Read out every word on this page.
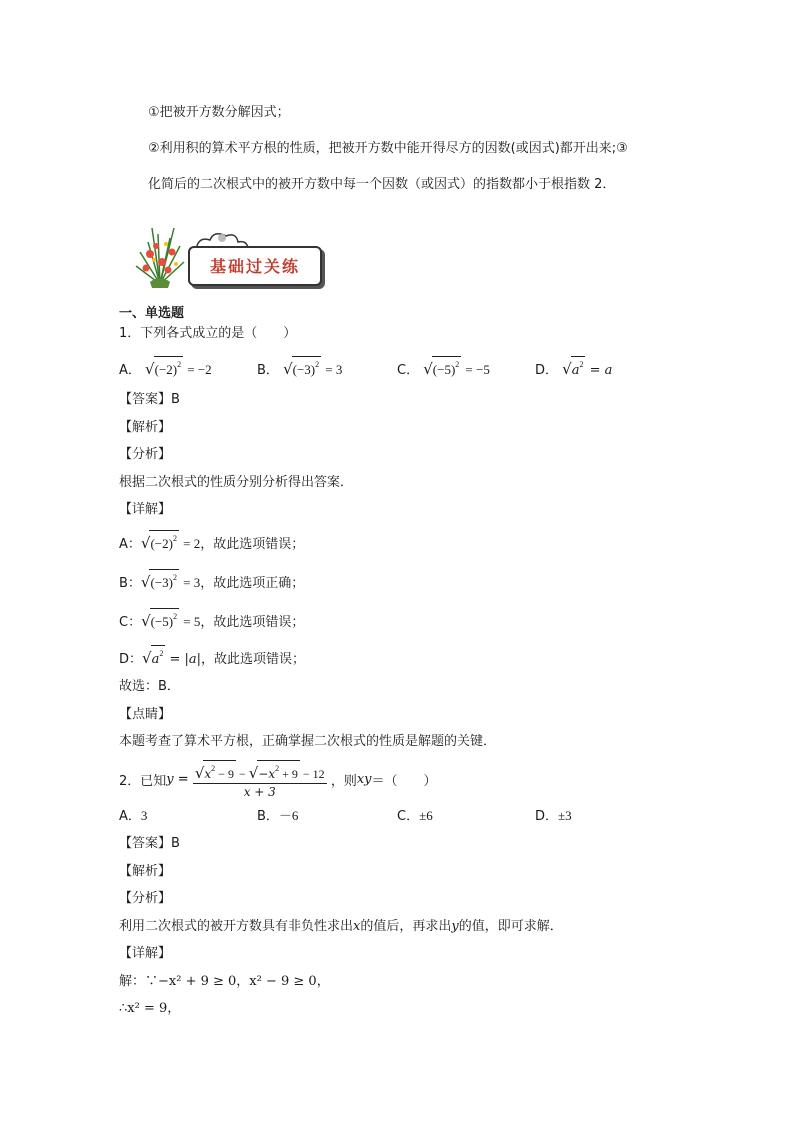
①把被开方数分解因式；
②利用积的算术平方根的性质，把被开方数中能开得尽方的因数(或因式)都开出来;③
化简后的二次根式中的被开方数中每一个因数（或因式）的指数都小于根指数 2．
基础过关练
一、单选题
1．下列各式成立的是（　　）
A． $√(-2)^2 = -2$	B． $√(-3)^2 = 3$	C． $√(-5)^2 = -5$	D． $√a^2 = a$
【答案】B
【解析】
【分析】
根据二次根式的性质分别分析得出答案．
【详解】
A：$√(-2)^2 = 2$，故此选项错误；
B：$√(-3)^2 = 3$，故此选项正确；
C：$√(-5)^2 = 5$，故此选项错误；
D：$√a^2 = |a|$，故此选项错误；
故选：B．
【点睛】
本题考查了算术平方根，正确掌握二次根式的性质是解题的关键．
2．已知$y = \frac{√x^2 - 9 - √-x^2 + 9 - 12}{x + 3}$ ，则xy＝（　　）
A．3	B．－6	C．±6	D．±3
【答案】B
【解析】
【分析】
利用二次根式的被开方数具有非负性求出x的值后，再求出y的值，即可求解．
【详解】
解：∵−x² + 9 ≥ 0，x² − 9 ≥ 0，
∴x² = 9，
